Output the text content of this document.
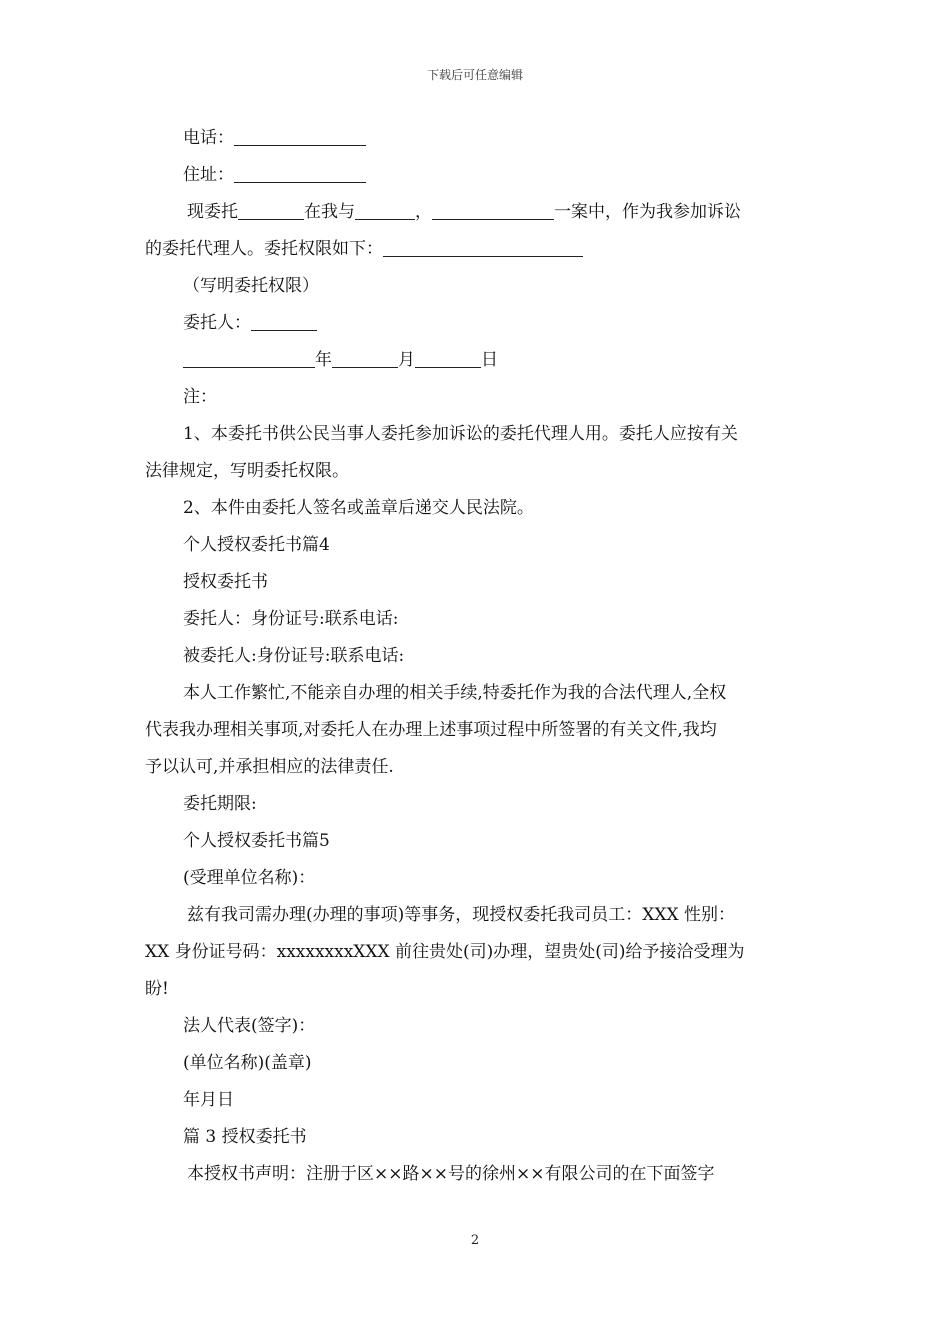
下载后可任意编辑
电话：
住址：
现委托	在我与	，	一案中，作为我参加诉讼
的委托代理人。委托权限如下：
（写明委托权限）
委托人：
年	月	日
注：
1、本委托书供公民当事人委托参加诉讼的委托代理人用。委托人应按有关
法律规定，写明委托权限。
2、本件由委托人签名或盖章后递交人民法院。
个人授权委托书篇4
授权委托书
委托人：身份证号:联系电话:
被委托人:身份证号:联系电话:
本人工作繁忙,不能亲自办理的相关手续,特委托作为我的合法代理人,全权
代表我办理相关事项,对委托人在办理上述事项过程中所签署的有关文件,我均
予以认可,并承担相应的法律责任.
委托期限:
个人授权委托书篇5
(受理单位名称)：
兹有我司需办理(办理的事项)等事务，现授权委托我司员工：XXX 性别：
XX 身份证号码：xxxxxxxxXXX 前往贵处(司)办理，望贵处(司)给予接洽受理为
盼!
法人代表(签字)：
(单位名称)(盖章)
年月日
篇 3 授权委托书
本授权书声明：注册于区××路××号的徐州××有限公司的在下面签字
2
